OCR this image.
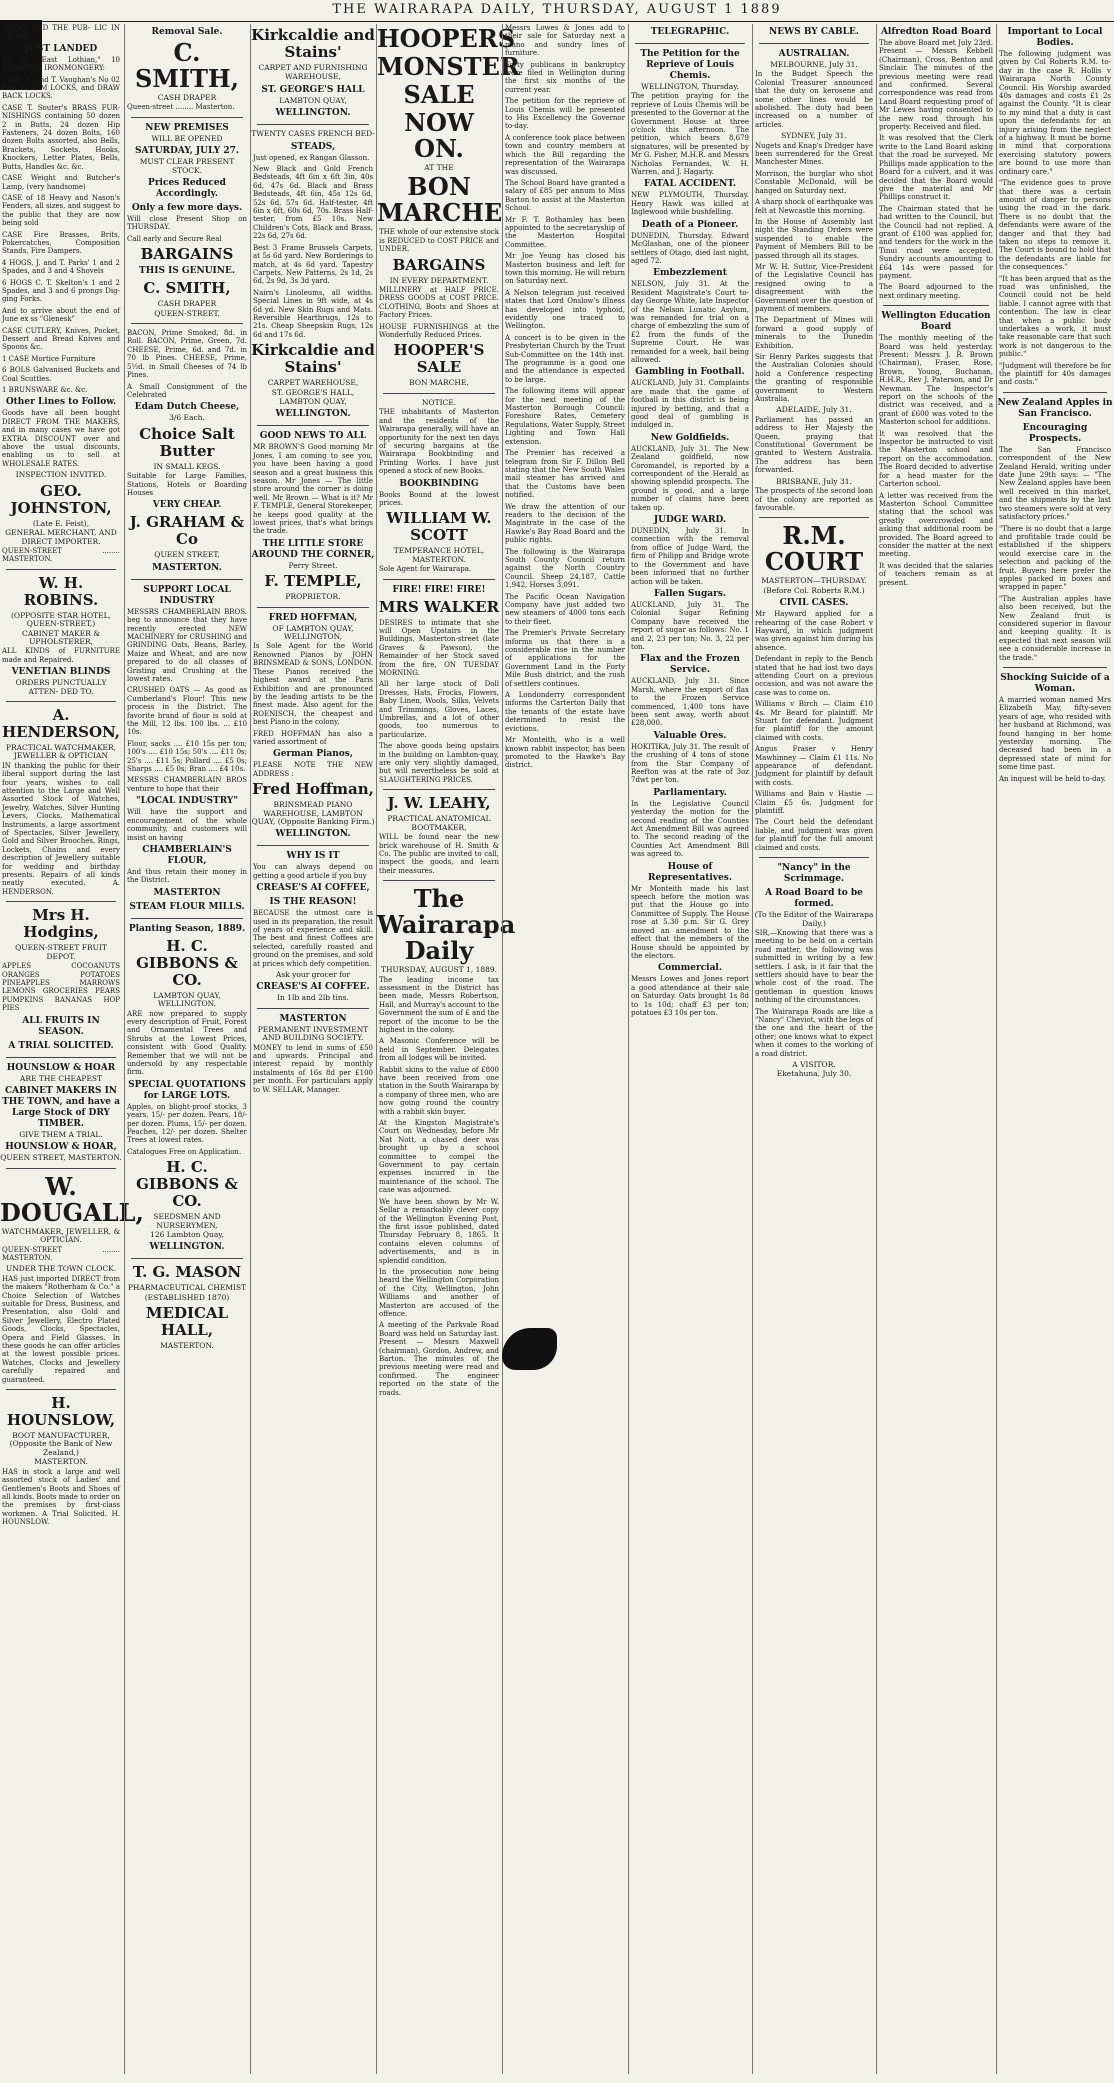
THE WAIRARAPA DAILY, THURSDAY, AUGUST 1 1889
LDERS AND THE PUB- LIC IN GENERAL.
JUST LANDED
Ex ss. East Lothian," 10 PACKAGES IRONMONGERY:
CASE H. and T. Vaughan's No 02 and 08, RIM LOCKS, and DRAW BACK LOCKS.
CASE T. Souter's BRASS FUR- NISHINGS containing 50 dozen 2 in Butts, 24 dozen Hip Fasteners, 24 dozen Bolts, 160 dozen Bolts assorted, also Bells, Brackets, Sockets, Hooks, Knockers, Letter Plates, Bells, Butts, Handles &c. &c.
CASE Weight and Butcher's Lamp, (very handsome)
CASE of 18 Heavy and Nason's Fenders, all sizes, and suggest to the public that they are now being sold
CASE Fire Brasses, Brits, Pokercatches, Composition Stands, Fire Dampers.
4 HOGS, J. and T. Parks' 1 and 2 Spades, and 3 and 4 Shovels
6 HOGS C. T. Skelton's 1 and 2 Spades, and 3 and 6 prongs Dig- ging Forks.
And to arrive about the end of June ex ss "Glenesk"
CASE CUTLERY, Knives, Pocket, Dessert and Bread Knives and Spoons &c.
1 CASE Mortice Furniture
6 BOLS Galvanised Buckets and Coal Scuttles.
1 BRUNSWARE &c. &c.
Other Lines to Follow.
Goods have all been bought DIRECT FROM THE MAKERS, and in many cases we have got EXTRA DISCOUNT over and above the usual discounts, enabling us to sell at WHOLESALE RATES.
INSPECTION INVITED.
GEO. JOHNSTON,
(Late E. Feist),
GENERAL MERCHANT, AND DIRECT IMPORTER.
QUEEN-STREET ........ MASTERTON.
W. H. ROBINS.
(OPPOSITE STAR HOTEL, QUEEN-STREET,)
CABINET MAKER & UPHOLSTERER,
ALL KINDS of FURNITURE made and Repaired.
VENETIAN BLINDS
ORDERS PUNCTUALLY ATTEN- DED TO.
A. HENDERSON,
PRACTICAL WATCHMAKER, JEWELLER & OPTICIAN
IN thanking the public for their liberal support during the last four years, wishes to call attention to the Large and Well Assorted Stock of Watches, Jewelry, Watches, Silver Hunting Levers, Clocks, Mathematical Instruments, a large assortment of Spectacles, Silver Jewellery, Gold and Silver Brooches, Rings, Lockets, Chains and every description of Jewellery suitable for wedding and birthday presents. Repairs of all kinds neatly executed. A. HENDERSON.
Mrs H. Hodgins,
QUEEN-STREET FRUIT DEPOT.
APPLES COCOANUTS ORANGES POTATOES PINEAPPLES MARROWS LEMONS GROCERIES PEARS PUMPKINS BANANAS HOP PIES
ALL FRUITS IN SEASON.
A TRIAL SOLICITED.
HOUNSLOW & HOAR
ARE THE CHEAPEST
CABINET MAKERS IN THE TOWN, and have a Large Stock of DRY TIMBER.
GIVE THEM A TRIAL.
HOUNSLOW & HOAR,
QUEEN STREET, MASTERTON.
W. DOUGALL,
WATCHMAKER, JEWELLER, & OPTICIAN.
QUEEN-STREET ........ MASTERTON.
UNDER THE TOWN CLOCK.
HAS just imported DIRECT from the makers "Rotherham & Co." a Choice Selection of Watches suitable for Dress, Business, and Presentation, also Gold and Silver Jewellery, Electro Plated Goods, Clocks, Spectacles, Opera and Field Glasses. In these goods he can offer articles at the lowest possible prices. Watches, Clocks and Jewellery carefully repaired and guaranteed.
H. HOUNSLOW,
BOOT MANUFACTURER, (Opposite the Bank of New Zealand,)
MASTERTON.
HAS in stock a large and well assorted stock of Ladies' and Gentlemen's Boots and Shoes of all kinds. Boots made to order on the premises by first-class workmen. A Trial Solicited. H. HOUNSLOW.
Removal Sale.
C. SMITH,
CASH DRAPER
Queen-street ........ Masterton.
NEW PREMISES
WILL BE OPENED
SATURDAY, JULY 27.
MUST CLEAR PRESENT STOCK.
Prices Reduced Accordingly.
Only a few more days.
Will close Present Shop on THURSDAY.
Call early and Secure Real
BARGAINS
THIS IS GENUINE.
C. SMITH,
CASH DRAPER
QUEEN-STREET.
BACON, Prime Smoked, 8d. in Roll. BACON, Prime, Green, 7d. CHEESE, Prime, 6d. and 7d. in 70 lb Pines. CHEESE, Prime, 5½d. in Small Cheeses of 74 lb Pines.
A Small Consignment of the Celebrated
Edam Dutch Cheese,
3/6 Each.
Choice Salt Butter
IN SMALL KEGS.
Suitable for Large Families, Stations, Hotels or Boarding Houses
VERY CHEAP.
J. GRAHAM & Co
QUEEN STREET,
MASTERTON.
SUPPORT LOCAL INDUSTRY
MESSRS CHAMBERLAIN BROS. beg to announce that they have recently erected NEW MACHINERY for CRUSHING and GRINDING Oats, Beans, Barley, Maize and Wheat, and are now prepared to do all classes of Gristing and Crushing at the lowest rates.
CRUSHED OATS — As good as Cumberland's Flour! This new process in the District. The favorite brand of flour is sold at the Mill, 12 lbs. 100 lbs. ... £10 10s.
Flour, sacks .... £10 15s per ton; 100's .... £10 15s; 50's .... £11 0s; 25's .... £11 5s; Pollard .... £5 0s; Sharps .... £5 0s; Bran .... £4 10s.
MESSRS CHAMBERLAIN BROS venture to hope that their
"LOCAL INDUSTRY"
Will have the support and encouragement of the whole community, and customers will insist on having
CHAMBERLAIN'S FLOUR,
And thus retain their money in the District.
MASTERTON
STEAM FLOUR MILLS.
Planting Season, 1889.
H. C. GIBBONS & CO.
LAMBTON QUAY, WELLINGTON.
ARE now prepared to supply every description of Fruit, Forest and Ornamental Trees and Shrubs at the Lowest Prices, consistent with Good Quality. Remember that we will not be undersold by any respectable firm.
SPECIAL QUOTATIONS for LARGE LOTS.
Apples, on blight-proof stocks, 3 years, 15/- per dozen. Pears, 18/- per dozen. Plums, 15/- per dozen. Peaches, 12/- per dozen. Shelter Trees at lowest rates.
Catalogues Free on Application.
H. C. GIBBONS & CO.
SEEDSMEN AND NURSERYMEN,
126 Lambton Quay,
WELLINGTON.
T. G. MASON
PHARMACEUTICAL CHEMIST
(ESTABLISHED 1870)
MEDICAL HALL,
MASTERTON.
Kirkcaldie and Stains'
CARPET AND FURNISHING
WAREHOUSE,
ST. GEORGE'S HALL
LAMBTON QUAY,
WELLINGTON.
TWENTY CASES FRENCH BED-
STEADS,
Just opened, ex Rangan Glasson.
New Black and Gold French Bedsteads, 4ft 6in x 6ft 3in, 40s 6d, 47s 6d. Black and Brass Bedsteads, 4ft 6in, 45s 12s 6d, 52s 6d, 57s 6d. Half-tester, 4ft 6in x 6ft, 60s 6d, 70s. Brass Half-tester, from £5 10s. New Children's Cots, Black and Brass, 22s 6d, 27s 6d.
Best 3 Frame Brussels Carpets, at 5s 6d yard. New Borderings to match, at 4s 6d yard. Tapestry Carpets, New Patterns, 2s 1d, 2s 6d, 2s 9d, 3s 3d yard.
Nairn's Linoleums, all widths. Special Lines in 9ft wide, at 4s 6d yd. New Skin Rugs and Mats. Reversible Hearthrugs, 12s to 21s. Cheap Sheepskin Rugs, 12s 6d and 17s 6d.
Kirkcaldie and Stains'
CARPET WAREHOUSE,
ST. GEORGE'S HALL,
LAMBTON QUAY,
WELLINGTON.
GOOD NEWS TO ALL
MR BROWN'S Good morning Mr Jones, I am coming to see you, you have been having a good season and a great business this season. Mr Jones — The little store around the corner is doing well. Mr Brown — What is it? Mr F. TEMPLE, General Storekeeper, he keeps good quality at the lowest prices, that's what brings the trade.
THE LITTLE STORE AROUND THE CORNER,
Perry Street.
F. TEMPLE,
PROPRIETOR.
FRED HOFFMAN,
OF LAMBTON QUAY, WELLINGTON,
Is Sole Agent for the World Renowned Pianos by JOHN BRINSMEAD & SONS, LONDON. These Pianos received the highest award at the Paris Exhibition and are pronounced by the leading artists to be the finest made. Also agent for the ROENISCH, the cheapest and best Piano in the colony.
FRED HOFFMAN has also a varied assortment of
German Pianos,
PLEASE NOTE THE NEW ADDRESS :
Fred Hoffman,
BRINSMEAD PIANO WAREHOUSE, LAMBTON QUAY, (Opposite Banking Firm.)
WELLINGTON.
WHY IS IT
You can always depend on getting a good article if you buy
CREASE'S AI COFFEE,
IS THE REASON!
BECAUSE the utmost care is used in its preparation, the result of years of experience and skill. The best and finest Coffees are selected, carefully roasted and ground on the premises, and sold at prices which defy competition.
Ask your grocer for
CREASE'S AI COFFEE.
In 1lb and 2lb tins.
MASTERTON
PERMANENT INVESTMENT AND BUILDING SOCIETY.
MONEY to lend in sums of £50 and upwards. Principal and interest repaid by monthly instalments of 16s 8d per £100 per month. For particulars apply to W. SELLAR, Manager.
HOOPERS
MONSTER
SALE
NOW ON.
AT THE
BON MARCHE
THE whole of our extensive stock is REDUCED to COST PRICE and UNDER.
BARGAINS
IN EVERY DEPARTMENT.
MILLINERY at HALF PRICE. DRESS GOODS at COST PRICE. CLOTHING, Boots and Shoes at Factory Prices.
HOUSE FURNISHINGS at the Wonderfully Reduced Prices.
HOOPER'S SALE
BON MARCHE.
NOTICE.
THE inhabitants of Masterton and the residents of the Wairarapa generally, will have an opportunity for the next ten days of securing bargains at the Wairarapa Bookbinding and Printing Works. I have just opened a stock of new Books.
BOOKBINDING
Books Bound at the lowest prices.
WILLIAM W. SCOTT
TEMPERANCE HOTEL, MASTERTON.
Sole Agent for Wairarapa.
FIRE! FIRE! FIRE!
MRS WALKER
DESIRES to intimate that she will Open Upstairs in the Buildings, Masterton-street (late Graves & Pawson), the Remainder of her Stock saved from the fire, ON TUESDAY MORNING.
All her large stock of Doll Dresses, Hats, Frocks, Flowers, Baby Linen, Wools, Silks, Velvets and Trimmings, Gloves, Laces, Umbrellas, and a lot of other goods, too numerous to particularize.
The above goods being upstairs in the building on Lambton-quay, are only very slightly damaged, but will nevertheless be sold at SLAUGHTERING PRICES.
J. W. LEAHY,
PRACTICAL ANATOMICAL BOOTMAKER,
WILL be found near the new brick warehouse of H. Smith & Co. The public are invited to call, inspect the goods, and learn their measures.
The Wairarapa Daily
THURSDAY, AUGUST 1, 1889.
The leading income tax assessment in the District has been made, Messrs Robertson, Hall, and Murray's account to the Government the sum of £ and the report of the income to be the highest in the colony.
A Masonic Conference will be held in September. Delegates from all lodges will be invited.
Rabbit skins to the value of £800 have been received from one station in the South Wairarapa by a company of three men, who are now going round the country with a rabbit skin buyer.
At the Kingston Magistrate's Court on Wednesday, before Mr Nat Nott, a chased deer was brought up by a school committee to compel the Government to pay certain expenses incurred in the maintenance of the school. The case was adjourned.
We have been shown by Mr W. Sellar a remarkably clever copy of the Wellington Evening Post, the first issue published, dated Thursday February 8, 1865. It contains eleven columns of advertisements, and is in splendid condition.
In the prosecution now being heard the Wellington Corporation of the City, Wellington, John Williams and another of Masterton are accused of the offence.
A meeting of the Parkvale Road Board was held on Saturday last. Present — Messrs Maxwell (chairman), Gordon, Andrew, and Barton. The minutes of the previous meeting were read and confirmed. The engineer reported on the state of the roads.
Messrs Lowes & Jones add to their sale for Saturday next a piano and sundry lines of furniture.
Forty publicans in bankruptcy were filed in Wellington during the first six months of the current year.
The petition for the reprieve of Louis Chemis will be presented to His Excellency the Governor to-day.
A conference took place between town and country members at which the Bill regarding the representation of the Wairarapa was discussed.
The School Board have granted a salary of £85 per annum to Miss Barton to assist at the Masterton School.
Mr F. T. Bothamley has been appointed to the secretaryship of the Masterton Hospital Committee.
Mr Joe Yeung has closed his Masterton business and left for town this morning. He will return on Saturday next.
A Nelson telegram just received states that Lord Onslow's illness has developed into typhoid, evidently one traced to Wellington.
A concert is to be given in the Presbyterian Church by the Trust Sub-Committee on the 14th inst. The programme is a good one and the attendance is expected to be large.
The following items will appear for the next meeting of the Masterton Borough Council: Foreshore Rates, Cemetery Regulations, Water Supply, Street Lighting and Town Hall extension.
The Premier has received a telegram from Sir F. Dillon Bell stating that the New South Wales mail steamer has arrived and that the Customs have been notified.
We draw the attention of our readers to the decision of the Magistrate in the case of the Hawke's Bay Road Board and the public rights.
The following is the Wairarapa South County Council return against the North Country Council. Sheep 24,187, Cattle 1,942, Horses 3,091.
The Pacific Ocean Navigation Company have just added two new steamers of 4000 tons each to their fleet.
The Premier's Private Secretary informs us that there is a considerable rise in the number of applications for the Government Land in the Forty Mile Bush district, and the rush of settlers continues.
A Londonderry correspondent informs the Carterton Daily that the tenants of the estate have determined to resist the evictions.
Mr Monteith, who is a well known rabbit inspector, has been promoted to the Hawke's Bay district.
TELEGRAPHIC.
The Petition for the Reprieve of Louis Chemis.
WELLINGTON, Thursday.
The petition praying for the reprieve of Louis Chemis will be presented to the Governor at the Government House at three o'clock this afternoon. The petition, which bears 8,679 signatures, will be presented by Mr G. Fisher, M.H.R. and Messrs Nicholas Fernandes, W. H. Warren, and J. Hagarty.
FATAL ACCIDENT.
NEW PLYMOUTH, Thursday. Henry Hawk was killed at Inglewood while bushfelling.
Death of a Pioneer.
DUNEDIN, Thursday. Edward McGlashan, one of the pioneer settlers of Otago, died last night, aged 72.
Embezzlement
NELSON, July 31. At the Resident Magistrate's Court to-day George White, late Inspector of the Nelson Lunatic Asylum, was remanded for trial on a charge of embezzling the sum of £2 from the funds of the Supreme Court. He was remanded for a week, bail being allowed.
Gambling in Football.
AUCKLAND, July 31. Complaints are made that the game of football in this district is being injured by betting, and that a good deal of gambling is indulged in.
New Goldfields.
AUCKLAND, July 31. The New Zealand goldfield, now Coromandel, is reported by a correspondent of the Herald as showing splendid prospects. The ground is good, and a large number of claims have been taken up.
JUDGE WARD.
DUNEDIN, July 31. In connection with the removal from office of Judge Ward, the firm of Philipp and Bridge wrote to the Government and have been informed that no further action will be taken.
Fallen Sugars.
AUCKLAND, July 31. The Colonial Sugar Refining Company have received the report of sugar as follows: No. 1 and 2, 23 per ton; No. 3, 22 per ton.
Flax and the Frozen Service.
AUCKLAND, July 31. Since Marsh, where the export of flax to the Frozen Service commenced, 1,400 tons have been sent away, worth about £28,000.
Valuable Ores.
HOKITIKA, July 31. The result of the crushing of 4 tons of stone from the Star Company of Reefton was at the rate of 3oz 7dwt per ton.
Parliamentary.
In the Legislative Council yesterday the motion for the second reading of the Counties Act Amendment Bill was agreed to. The second reading of the Counties Act Amendment Bill was agreed to.
House of Representatives.
Mr Monteith made his last speech before the motion was put that the House go into Committee of Supply. The House rose at 5.30 p.m. Sir G. Grey moved an amendment to the effect that the members of the House should be appointed by the electors.
Commercial.
Messrs Lowes and Jones report a good attendance at their sale on Saturday. Oats brought 1s 8d to 1s 10d; chaff £3 per ton; potatoes £3 10s per ton.
NEWS BY CABLE.
AUSTRALIAN.
MELBOURNE, July 31.
In the Budget Speech the Colonial Treasurer announced that the duty on kerosene and some other lines would be abolished. The duty had been increased on a number of articles.
SYDNEY, July 31.
Nugets and Knap's Dredger have been surrendered for the Great Manchester Mines.
Morrison, the burglar who shot Constable McDonald, will be hanged on Saturday next.
A sharp shock of earthquake was felt at Newcastle this morning.
In the House of Assembly last night the Standing Orders were suspended to enable the Payment of Members Bill to be passed through all its stages.
Mr W. H. Suttor, Vice-President of the Legislative Council has resigned owing to a disagreement with the Government over the question of payment of members.
The Department of Mines will forward a good supply of minerals to the Dunedin Exhibition.
Sir Henry Parkes suggests that the Australian Colonies should hold a Conference respecting the granting of responsible government to Western Australia.
ADELAIDE, July 31.
Parliament has passed an address to Her Majesty the Queen, praying that Constitutional Government be granted to Western Australia. The address has been forwarded.
BRISBANE, July 31.
The prospects of the second loan of the colony are reported as favourable.
R.M. COURT
MASTERTON—THURSDAY.
(Before Col. Roberts R.M.)
CIVIL CASES.
Mr Hayward applied for a rehearing of the case Robert v Hayward, in which judgment was given against him during his absence.
Defendant in reply to the Bench stated that he had lost two days attending Court on a previous occasion, and was not aware the case was to come on.
Williams v Birch — Claim £10 4s. Mr Beard for plaintiff. Mr Stuart for defendant. Judgment for plaintiff for the amount claimed with costs.
Angus Fraser v Henry Mawhinney — Claim £1 11s. No appearance of defendant. Judgment for plaintiff by default with costs.
Williams and Bain v Hastie — Claim £5 6s. Judgment for plaintiff.
The Court held the defendant liable, and judgment was given for plaintiff for the full amount claimed and costs.
"Nancy" in the Scrimmage.
A Road Board to be formed.
(To the Editor of the Wairarapa Daily.)
SIR,—Knowing that there was a meeting to be held on a certain road matter, the following was submitted in writing by a few settlers. I ask, is it fair that the settlers should have to bear the whole cost of the road. The gentleman in question knows nothing of the circumstances.
The Wairarapa Roads are like a "Nancy" Cheviot, with the legs of the one and the heart of the other; one knows what to expect when it comes to the working of a road district.
A VISITOR.
Eketahuna, July 30.
Alfredton Road Board
The above Board met July 23rd. Present — Messrs Kebbell (Chairman), Cross, Benton and Sinclair. The minutes of the previous meeting were read and confirmed. Several correspondence was read from Land Board requesting proof of Mr Lewes having consented to the new road through his property. Received and filed.
It was resolved that the Clerk write to the Land Board asking that the road be surveyed. Mr Phillips made application to the Board for a culvert, and it was decided that the Board would give the material and Mr Phillips construct it.
The Chairman stated that he had written to the Council, but the Council had not replied. A grant of £100 was applied for, and tenders for the work in the Tinui road were accepted. Sundry accounts amounting to £64 14s were passed for payment.
The Board adjourned to the next ordinary meeting.
Wellington Education Board
The monthly meeting of the Board was held yesterday. Present: Messrs J. R. Brown (Chairman), Fraser, Rose, Brown, Young, Buchanan, H.H.R., Rev J. Paterson, and Dr Newman. The Inspector's report on the schools of the district was received, and a grant of £600 was voted to the Masterton school for additions.
It was resolved that the Inspector be instructed to visit the Masterton school and report on the accommodation. The Board decided to advertise for a head master for the Carterton school.
A letter was received from the Masterton School Committee stating that the school was greatly overcrowded and asking that additional room be provided. The Board agreed to consider the matter at the next meeting.
It was decided that the salaries of teachers remain as at present.
Important to Local Bodies.
The following judgment was given by Col Roberts R.M. to-day in the case R. Hollis v Wairarapa North County Council. His Worship awarded 40s damages and costs £1 2s against the County. "It is clear to my mind that a duty is cast upon the defendants for an injury arising from the neglect of a highway. It must be borne in mind that corporations exercising statutory powers are bound to use more than ordinary care."
"The evidence goes to prove that there was a certain amount of danger to persons using the road in the dark. There is no doubt that the defendants were aware of the danger and that they had taken no steps to remove it. The Court is bound to hold that the defendants are liable for the consequences."
"It has been argued that as the road was unfinished, the Council could not be held liable. I cannot agree with that contention. The law is clear that when a public body undertakes a work, it must take reasonable care that such work is not dangerous to the public."
"Judgment will therefore be for the plaintiff for 40s damages and costs."
New Zealand Apples in San Francisco.
Encouraging Prospects.
The San Francisco correspondent of the New Zealand Herald, writing under date June 29th says: — "The New Zealand apples have been well received in this market, and the shipments by the last two steamers were sold at very satisfactory prices."
"There is no doubt that a large and profitable trade could be established if the shippers would exercise care in the selection and packing of the fruit. Buyers here prefer the apples packed in boxes and wrapped in paper."
"The Australian apples have also been received, but the New Zealand fruit is considered superior in flavour and keeping quality. It is expected that next season will see a considerable increase in the trade."
Shocking Suicide of a Woman.
A married woman named Mrs Elizabeth May, fifty-seven years of age, who resided with her husband at Richmond, was found hanging in her home yesterday morning. The deceased had been in a depressed state of mind for some time past.
An inquest will be held to-day.
